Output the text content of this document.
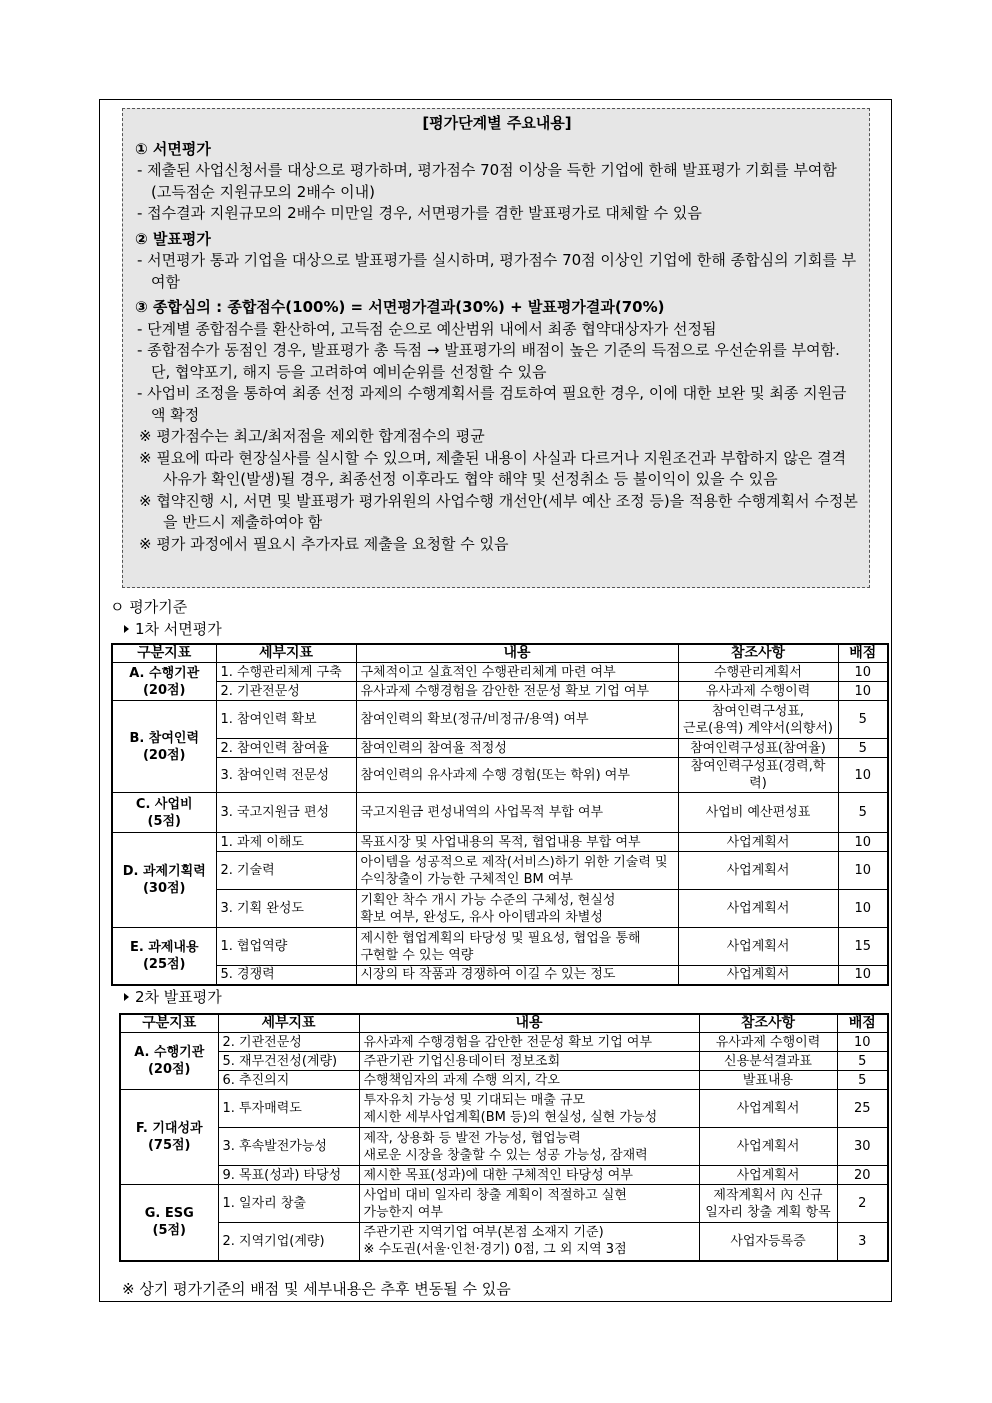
[평가단계별 주요내용]
① 서면평가
- 제출된 사업신청서를 대상으로 평가하며, 평가점수 70점 이상을 득한 기업에 한해 발표평가 기회를 부여함 (고득점순 지원규모의 2배수 이내)
- 접수결과 지원규모의 2배수 미만일 경우, 서면평가를 겸한 발표평가로 대체할 수 있음
② 발표평가
- 서면평가 통과 기업을 대상으로 발표평가를 실시하며, 평가점수 70점 이상인 기업에 한해 종합심의 기회를 부여함
③ 종합심의 : 종합점수(100%) = 서면평가결과(30%) + 발표평가결과(70%)
- 단계별 종합점수를 환산하여, 고득점 순으로 예산범위 내에서 최종 협약대상자가 선정됨
- 종합점수가 동점인 경우, 발표평가 총 득점 → 발표평가의 배점이 높은 기준의 득점으로 우선순위를 부여함. 단, 협약포기, 해지 등을 고려하여 예비순위를 선정할 수 있음
- 사업비 조정을 통하여 최종 선정 과제의 수행계획서를 검토하여 필요한 경우, 이에 대한 보완 및 최종 지원금액 확정
※ 평가점수는 최고/최저점을 제외한 합계점수의 평균
※ 필요에 따라 현장실사를 실시할 수 있으며, 제출된 내용이 사실과 다르거나 지원조건과 부합하지 않은 결격사유가 확인(발생)될 경우, 최종선정 이후라도 협약 해약 및 선정취소 등 불이익이 있을 수 있음
※ 협약진행 시, 서면 및 발표평가 평가위원의 사업수행 개선안(세부 예산 조정 등)을 적용한 수행계획서 수정본을 반드시 제출하여야 함
※ 평가 과정에서 필요시 추가자료 제출을 요청할 수 있음
ㅇ 평가기준
1차 서면평가
구분지표	세부지표	내용	참조사항	배점
A. 수행기관
(20점)	1. 수행관리체계 구축	구체적이고 실효적인 수행관리체계 마련 여부	수행관리계획서	10
	2. 기관전문성	유사과제 수행경험을 감안한 전문성 확보 기업 여부	유사과제 수행이력	10
B. 참여인력
(20점)	1. 참여인력 확보	참여인력의 확보(정규/비정규/용역) 여부	참여인력구성표,
근로(용역) 계약서(의향서)	5
	2. 참여인력 참여율	참여인력의 참여율 적정성	참여인력구성표(참여율)	5
	3. 참여인력 전문성	참여인력의 유사과제 수행 경험(또는 학위) 여부	참여인력구성표(경력,학력)	10
C. 사업비
(5점)	3. 국고지원금 편성	국고지원금 편성내역의 사업목적 부합 여부	사업비 예산편성표	5
D. 과제기획력
(30점)	1. 과제 이해도	목표시장 및 사업내용의 목적, 협업내용 부합 여부	사업계획서	10
	2. 기술력	아이템을 성공적으로 제작(서비스)하기 위한 기술력 및
수익창출이 가능한 구체적인 BM 여부	사업계획서	10
	3. 기획 완성도	기획안 착수 개시 가능 수준의 구체성, 현실성
확보 여부, 완성도, 유사 아이템과의 차별성	사업계획서	10
E. 과제내용
(25점)	1. 협업역량	제시한 협업계획의 타당성 및 필요성, 협업을 통해
구현할 수 있는 역량	사업계획서	15
	5. 경쟁력	시장의 타 작품과 경쟁하여 이길 수 있는 정도	사업계획서	10
2차 발표평가
구분지표	세부지표	내용	참조사항	배점
A. 수행기관
(20점)	2. 기관전문성	유사과제 수행경험을 감안한 전문성 확보 기업 여부	유사과제 수행이력	10
	5. 재무건전성(계량)	주관기관 기업신용데이터 정보조회	신용분석결과표	5
	6. 추진의지	수행책임자의 과제 수행 의지, 각오	발표내용	5
F. 기대성과
(75점)	1. 투자매력도	투자유치 가능성 및 기대되는 매출 규모
제시한 세부사업계획(BM 등)의 현실성, 실현 가능성	사업계획서	25
	3. 후속발전가능성	제작, 상용화 등 발전 가능성, 협업능력
새로운 시장을 창출할 수 있는 성공 가능성, 잠재력	사업계획서	30
	9. 목표(성과) 타당성	제시한 목표(성과)에 대한 구체적인 타당성 여부	사업계획서	20
G. ESG
(5점)	1. 일자리 창출	사업비 대비 일자리 창출 계획이 적절하고 실현
가능한지 여부	제작계획서 內 신규
일자리 창출 계획 항목	2
	2. 지역기업(계량)	주관기관 지역기업 여부(본점 소재지 기준)
※ 수도권(서울·인천·경기) 0점, 그 외 지역 3점	사업자등록증	3
※ 상기 평가기준의 배점 및 세부내용은 추후 변동될 수 있음
